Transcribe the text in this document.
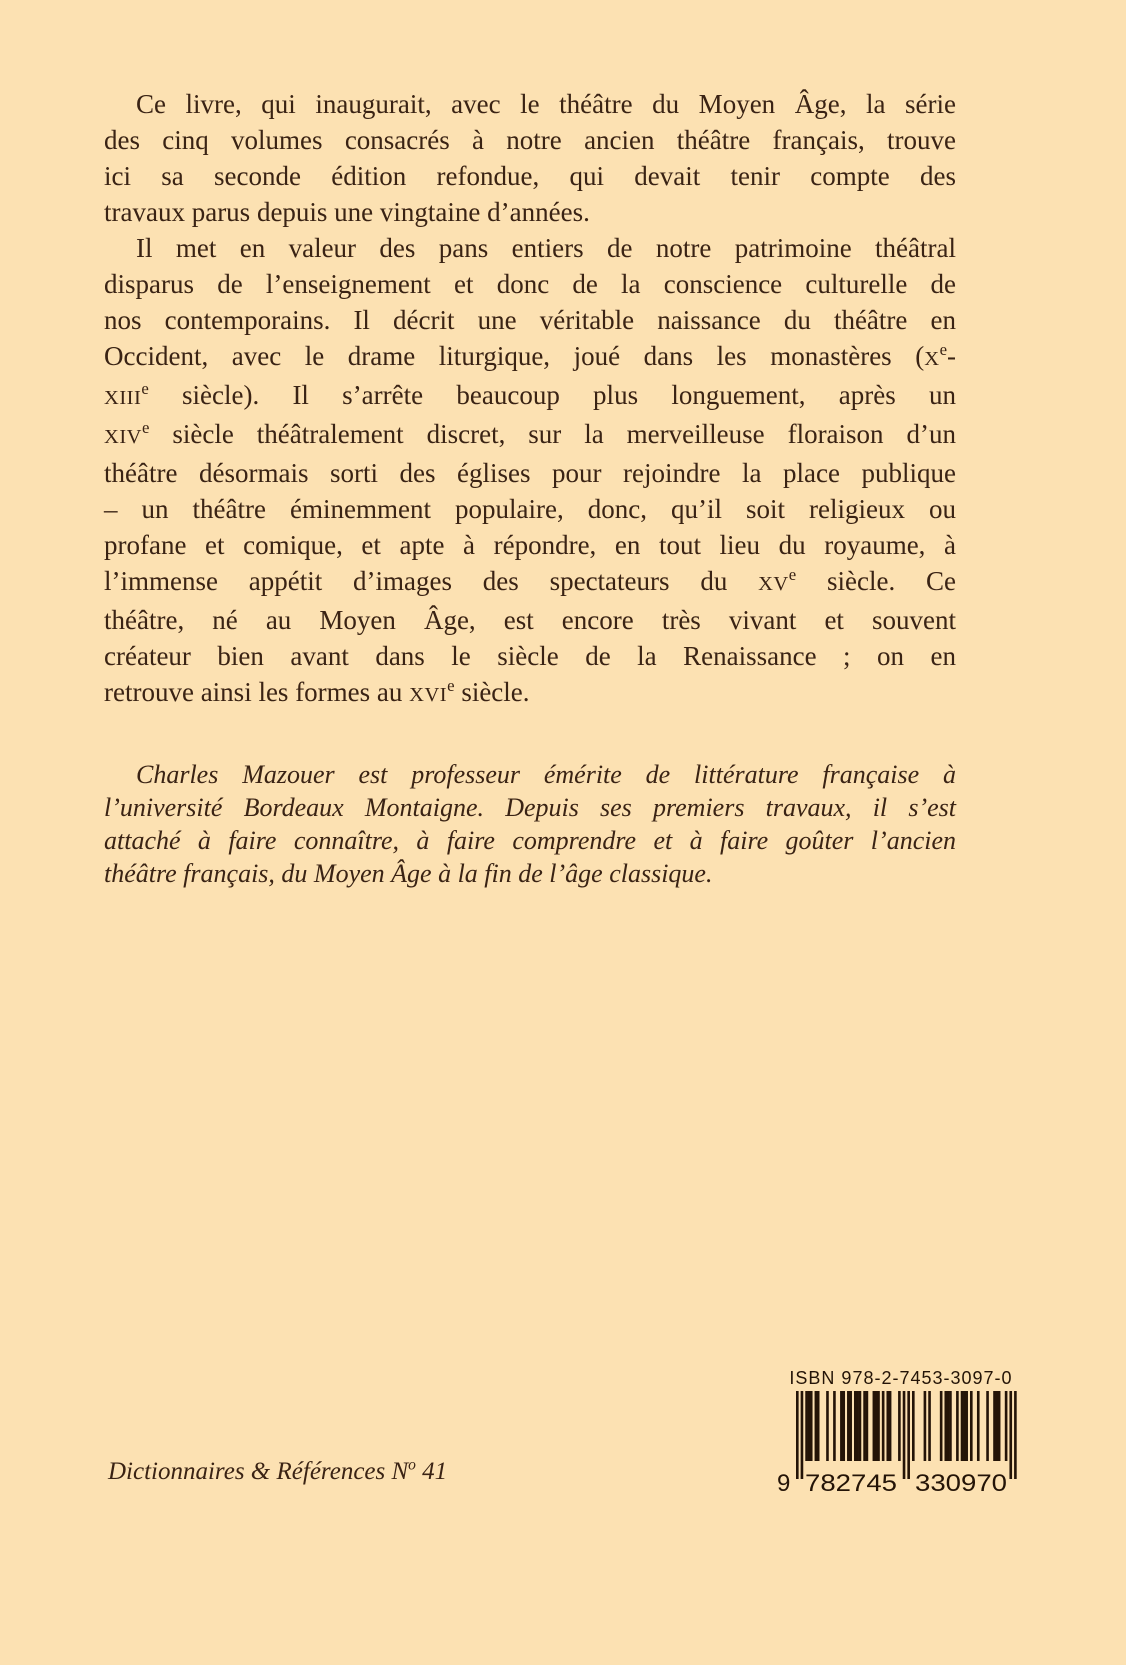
Ce livre, qui inaugurait, avec le théâtre du Moyen Âge, la série
des cinq volumes consacrés à notre ancien théâtre français, trouve
ici sa seconde édition refondue, qui devait tenir compte des
travaux parus depuis une vingtaine d’années.
Il met en valeur des pans entiers de notre patrimoine théâtral
disparus de l’enseignement et donc de la conscience culturelle de
nos contemporains. Il décrit une véritable naissance du théâtre en
Occident, avec le drame liturgique, joué dans les monastères (Xe-
XIIIe siècle). Il s’arrête beaucoup plus longuement, après un
XIVe siècle théâtralement discret, sur la merveilleuse floraison d’un
théâtre désormais sorti des églises pour rejoindre la place publique
– un théâtre éminemment populaire, donc, qu’il soit religieux ou
profane et comique, et apte à répondre, en tout lieu du royaume, à
l’immense appétit d’images des spectateurs du XVe siècle. Ce
théâtre, né au Moyen Âge, est encore très vivant et souvent
créateur bien avant dans le siècle de la Renaissance ; on en
retrouve ainsi les formes au XVIe siècle.
Charles Mazouer est professeur émérite de littérature française à
l’université Bordeaux Montaigne. Depuis ses premiers travaux, il s’est
attaché à faire connaître, à faire comprendre et à faire goûter l’ancien
théâtre français, du Moyen Âge à la fin de l’âge classique.
Dictionnaires & Références $N^o$ 41
ISBN 978-2-7453-3097-0
9 782745 330970
